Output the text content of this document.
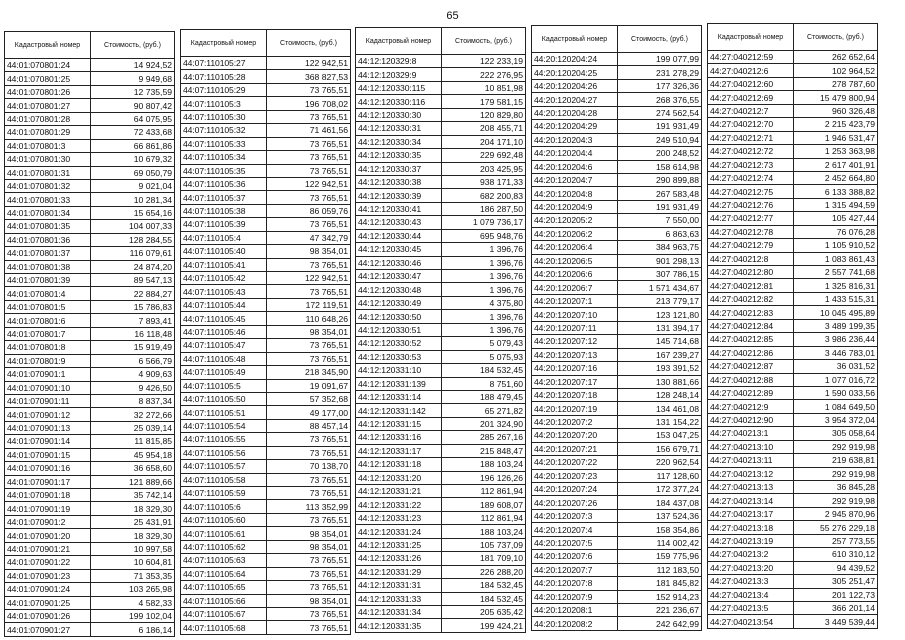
65
Кадастровый номер	Стоимость, (руб.)
44:01:070801:24	14 924,52
44:01:070801:25	9 949,68
44:01:070801:26	12 735,59
44:01:070801:27	90 807,42
44:01:070801:28	64 075,95
44:01:070801:29	72 433,68
44:01:070801:3	66 861,86
44:01:070801:30	10 679,32
44:01:070801:31	69 050,79
44:01:070801:32	9 021,04
44:01:070801:33	10 281,34
44:01:070801:34	15 654,16
44:01:070801:35	104 007,33
44:01:070801:36	128 284,55
44:01:070801:37	116 079,61
44:01:070801:38	24 874,20
44:01:070801:39	89 547,13
44:01:070801:4	22 884,27
44:01:070801:5	15 786,83
44:01:070801:6	7 893,41
44:01:070801:7	16 118,48
44:01:070801:8	15 919,49
44:01:070801:9	6 566,79
44:01:070901:1	4 909,63
44:01:070901:10	9 426,50
44:01:070901:11	8 837,34
44:01:070901:12	32 272,66
44:01:070901:13	25 039,14
44:01:070901:14	11 815,85
44:01:070901:15	45 954,18
44:01:070901:16	36 658,60
44:01:070901:17	121 889,66
44:01:070901:18	35 742,14
44:01:070901:19	18 329,30
44:01:070901:2	25 431,91
44:01:070901:20	18 329,30
44:01:070901:21	10 997,58
44:01:070901:22	10 604,81
44:01:070901:23	71 353,35
44:01:070901:24	103 265,98
44:01:070901:25	4 582,33
44:01:070901:26	199 102,04
44:01:070901:27	6 186,14
Кадастровый номер	Стоимость, (руб.)
44:07:110105:27	122 942,51
44:07:110105:28	368 827,53
44:07:110105:29	73 765,51
44:07:110105:3	196 708,02
44:07:110105:30	73 765,51
44:07:110105:32	71 461,56
44:07:110105:33	73 765,51
44:07:110105:34	73 765,51
44:07:110105:35	73 765,51
44:07:110105:36	122 942,51
44:07:110105:37	73 765,51
44:07:110105:38	86 059,76
44:07:110105:39	73 765,51
44:07:110105:4	47 342,79
44:07:110105:40	98 354,01
44:07:110105:41	73 765,51
44:07:110105:42	122 942,51
44:07:110105:43	73 765,51
44:07:110105:44	172 119,51
44:07:110105:45	110 648,26
44:07:110105:46	98 354,01
44:07:110105:47	73 765,51
44:07:110105:48	73 765,51
44:07:110105:49	218 345,90
44:07:110105:5	19 091,67
44:07:110105:50	57 352,68
44:07:110105:51	49 177,00
44:07:110105:54	88 457,14
44:07:110105:55	73 765,51
44:07:110105:56	73 765,51
44:07:110105:57	70 138,70
44:07:110105:58	73 765,51
44:07:110105:59	73 765,51
44:07:110105:6	113 352,99
44:07:110105:60	73 765,51
44:07:110105:61	98 354,01
44:07:110105:62	98 354,01
44:07:110105:63	73 765,51
44:07:110105:64	73 765,51
44:07:110105:65	73 765,51
44:07:110105:66	98 354,01
44:07:110105:67	73 765,51
44:07:110105:68	73 765,51
Кадастровый номер	Стоимость, (руб.)
44:12:120329:8	122 233,19
44:12:120329:9	222 276,95
44:12:120330:115	10 851,98
44:12:120330:116	179 581,15
44:12:120330:30	120 829,80
44:12:120330:31	208 455,71
44:12:120330:34	204 171,10
44:12:120330:35	229 692,48
44:12:120330:37	203 425,95
44:12:120330:38	938 171,33
44:12:120330:39	682 200,83
44:12:120330:41	186 287,50
44:12:120330:43	1 079 736,17
44:12:120330:44	695 948,76
44:12:120330:45	1 396,76
44:12:120330:46	1 396,76
44:12:120330:47	1 396,76
44:12:120330:48	1 396,76
44:12:120330:49	4 375,80
44:12:120330:50	1 396,76
44:12:120330:51	1 396,76
44:12:120330:52	5 079,43
44:12:120330:53	5 075,93
44:12:120331:10	184 532,45
44:12:120331:139	8 751,60
44:12:120331:14	188 479,45
44:12:120331:142	65 271,82
44:12:120331:15	201 324,90
44:12:120331:16	285 267,16
44:12:120331:17	215 848,47
44:12:120331:18	188 103,24
44:12:120331:20	196 126,26
44:12:120331:21	112 861,94
44:12:120331:22	189 608,07
44:12:120331:23	112 861,94
44:12:120331:24	188 103,24
44:12:120331:25	105 737,09
44:12:120331:26	181 709,10
44:12:120331:29	226 288,20
44:12:120331:31	184 532,45
44:12:120331:33	184 532,45
44:12:120331:34	205 635,42
44:12:120331:35	199 424,21
Кадастровый номер	Стоимость, (руб.)
44:20:120204:24	199 077,99
44:20:120204:25	231 278,29
44:20:120204:26	177 326,36
44:20:120204:27	268 376,55
44:20:120204:28	274 562,54
44:20:120204:29	191 931,49
44:20:120204:3	249 510,94
44:20:120204:4	200 248,52
44:20:120204:6	158 614,98
44:20:120204:7	290 899,88
44:20:120204:8	267 583,48
44:20:120204:9	191 931,49
44:20:120205:2	7 550,00
44:20:120206:2	6 863,63
44:20:120206:4	384 963,75
44:20:120206:5	901 298,13
44:20:120206:6	307 786,15
44:20:120206:7	1 571 434,67
44:20:120207:1	213 779,17
44:20:120207:10	123 121,80
44:20:120207:11	131 394,17
44:20:120207:12	145 714,68
44:20:120207:13	167 239,27
44:20:120207:16	193 391,52
44:20:120207:17	130 881,66
44:20:120207:18	128 248,14
44:20:120207:19	134 461,08
44:20:120207:2	131 154,22
44:20:120207:20	153 047,25
44:20:120207:21	156 679,71
44:20:120207:22	220 962,54
44:20:120207:23	117 128,60
44:20:120207:24	172 377,24
44:20:120207:26	184 437,08
44:20:120207:3	137 524,36
44:20:120207:4	158 354,86
44:20:120207:5	114 002,42
44:20:120207:6	159 775,96
44:20:120207:7	112 183,50
44:20:120207:8	181 845,82
44:20:120207:9	152 914,23
44:20:120208:1	221 236,67
44:20:120208:2	242 642,99
Кадастровый номер	Стоимость, (руб.)
44:27:040212:59	262 652,64
44:27:040212:6	102 964,52
44:27:040212:60	278 787,60
44:27:040212:69	15 479 800,94
44:27:040212:7	960 326,48
44:27:040212:70	2 215 423,79
44:27:040212:71	1 946 531,47
44:27:040212:72	1 253 363,98
44:27:040212:73	2 617 401,91
44:27:040212:74	2 452 664,80
44:27:040212:75	6 133 388,82
44:27:040212:76	1 315 494,59
44:27:040212:77	105 427,44
44:27:040212:78	76 076,28
44:27:040212:79	1 105 910,52
44:27:040212:8	1 083 861,43
44:27:040212:80	2 557 741,68
44:27:040212:81	1 325 816,31
44:27:040212:82	1 433 515,31
44:27:040212:83	10 045 495,89
44:27:040212:84	3 489 199,35
44:27:040212:85	3 986 236,44
44:27:040212:86	3 446 783,01
44:27:040212:87	36 031,52
44:27:040212:88	1 077 016,72
44:27:040212:89	1 590 033,56
44:27:040212:9	1 084 649,50
44:27:040212:90	3 954 372,04
44:27:040213:1	305 058,64
44:27:040213:10	292 919,98
44:27:040213:11	219 638,81
44:27:040213:12	292 919,98
44:27:040213:13	36 845,28
44:27:040213:14	292 919,98
44:27:040213:17	2 945 870,96
44:27:040213:18	55 276 229,18
44:27:040213:19	257 773,55
44:27:040213:2	610 310,12
44:27:040213:20	94 439,52
44:27:040213:3	305 251,47
44:27:040213:4	201 122,73
44:27:040213:5	366 201,14
44:27:040213:54	3 449 539,44
